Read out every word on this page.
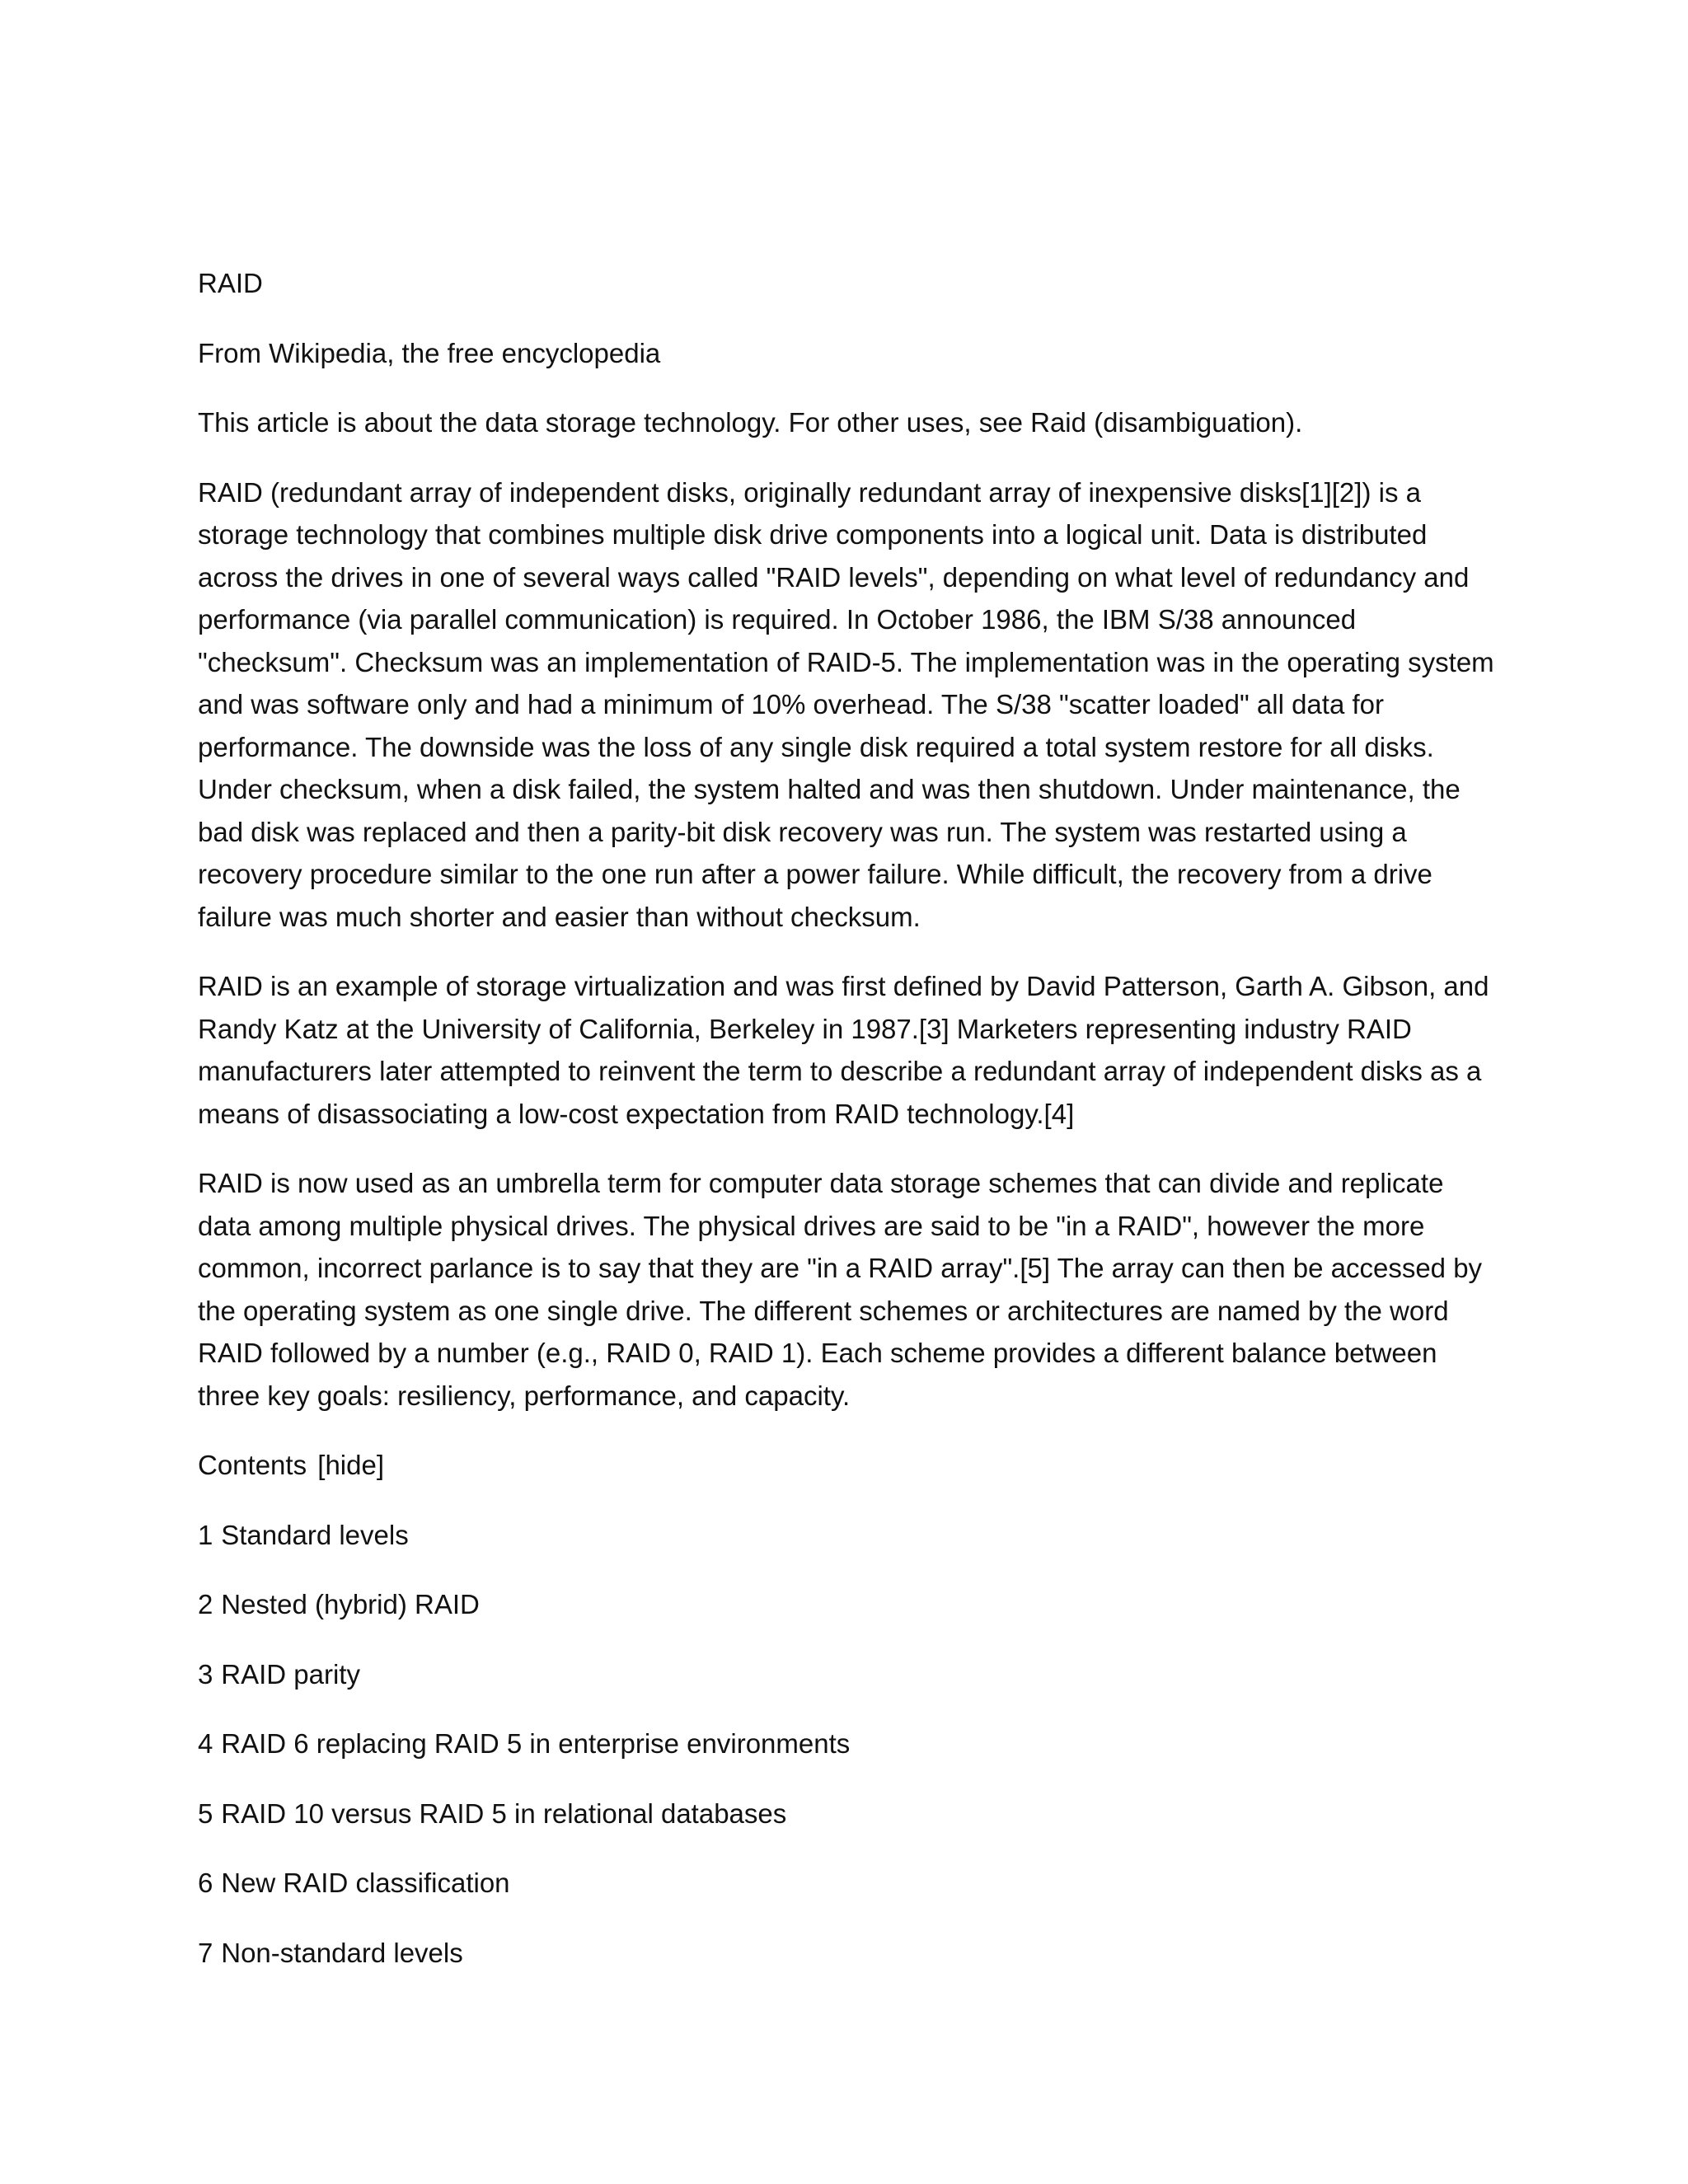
RAID

From Wikipedia, the free encyclopedia

This article is about the data storage technology. For other uses, see Raid (disambiguation).

RAID (redundant array of independent disks, originally redundant array of inexpensive disks[1][2]) is a storage technology that combines multiple disk drive components into a logical unit. Data is distributed across the drives in one of several ways called "RAID levels", depending on what level of redundancy and performance (via parallel communication) is required. In October 1986, the IBM S/38 announced "checksum". Checksum was an implementation of RAID-5. The implementation was in the operating system and was software only and had a minimum of 10% overhead. The S/38 "scatter loaded" all data for performance. The downside was the loss of any single disk required a total system restore for all disks. Under checksum, when a disk failed, the system halted and was then shutdown. Under maintenance, the bad disk was replaced and then a parity-bit disk recovery was run. The system was restarted using a recovery procedure similar to the one run after a power failure. While difficult, the recovery from a drive failure was much shorter and easier than without checksum.

RAID is an example of storage virtualization and was first defined by David Patterson, Garth A. Gibson, and Randy Katz at the University of California, Berkeley in 1987.[3] Marketers representing industry RAID manufacturers later attempted to reinvent the term to describe a redundant array of independent disks as a means of disassociating a low-cost expectation from RAID technology.[4]

RAID is now used as an umbrella term for computer data storage schemes that can divide and replicate data among multiple physical drives. The physical drives are said to be "in a RAID", however the more common, incorrect parlance is to say that they are "in a RAID array".[5] The array can then be accessed by the operating system as one single drive. The different schemes or architectures are named by the word RAID followed by a number (e.g., RAID 0, RAID 1). Each scheme provides a different balance between three key goals: resiliency, performance, and capacity.

Contents [hide]

1 Standard levels
2 Nested (hybrid) RAID
3 RAID parity
4 RAID 6 replacing RAID 5 in enterprise environments
5 RAID 10 versus RAID 5 in relational databases
6 New RAID classification
7 Non-standard levels
